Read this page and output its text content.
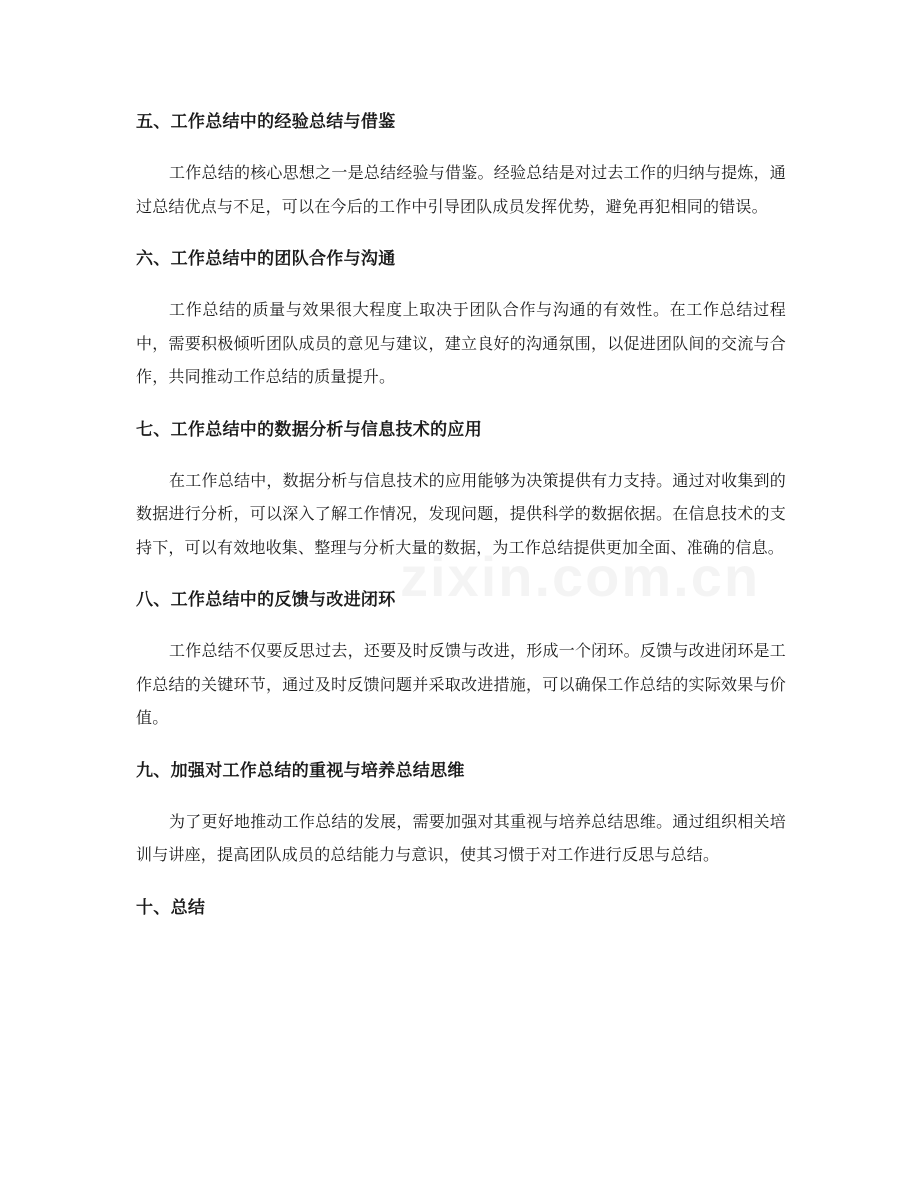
五、工作总结中的经验总结与借鉴

工作总结的核心思想之一是总结经验与借鉴。经验总结是对过去工作的归纳与提炼，通过总结优点与不足，可以在今后的工作中引导团队成员发挥优势，避免再犯相同的错误。

六、工作总结中的团队合作与沟通

工作总结的质量与效果很大程度上取决于团队合作与沟通的有效性。在工作总结过程中，需要积极倾听团队成员的意见与建议，建立良好的沟通氛围，以促进团队间的交流与合作，共同推动工作总结的质量提升。

七、工作总结中的数据分析与信息技术的应用

在工作总结中，数据分析与信息技术的应用能够为决策提供有力支持。通过对收集到的数据进行分析，可以深入了解工作情况，发现问题，提供科学的数据依据。在信息技术的支持下，可以有效地收集、整理与分析大量的数据，为工作总结提供更加全面、准确的信息。

八、工作总结中的反馈与改进闭环

工作总结不仅要反思过去，还要及时反馈与改进，形成一个闭环。反馈与改进闭环是工作总结的关键环节，通过及时反馈问题并采取改进措施，可以确保工作总结的实际效果与价值。

九、加强对工作总结的重视与培养总结思维

为了更好地推动工作总结的发展，需要加强对其重视与培养总结思维。通过组织相关培训与讲座，提高团队成员的总结能力与意识，使其习惯于对工作进行反思与总结。

十、总结
